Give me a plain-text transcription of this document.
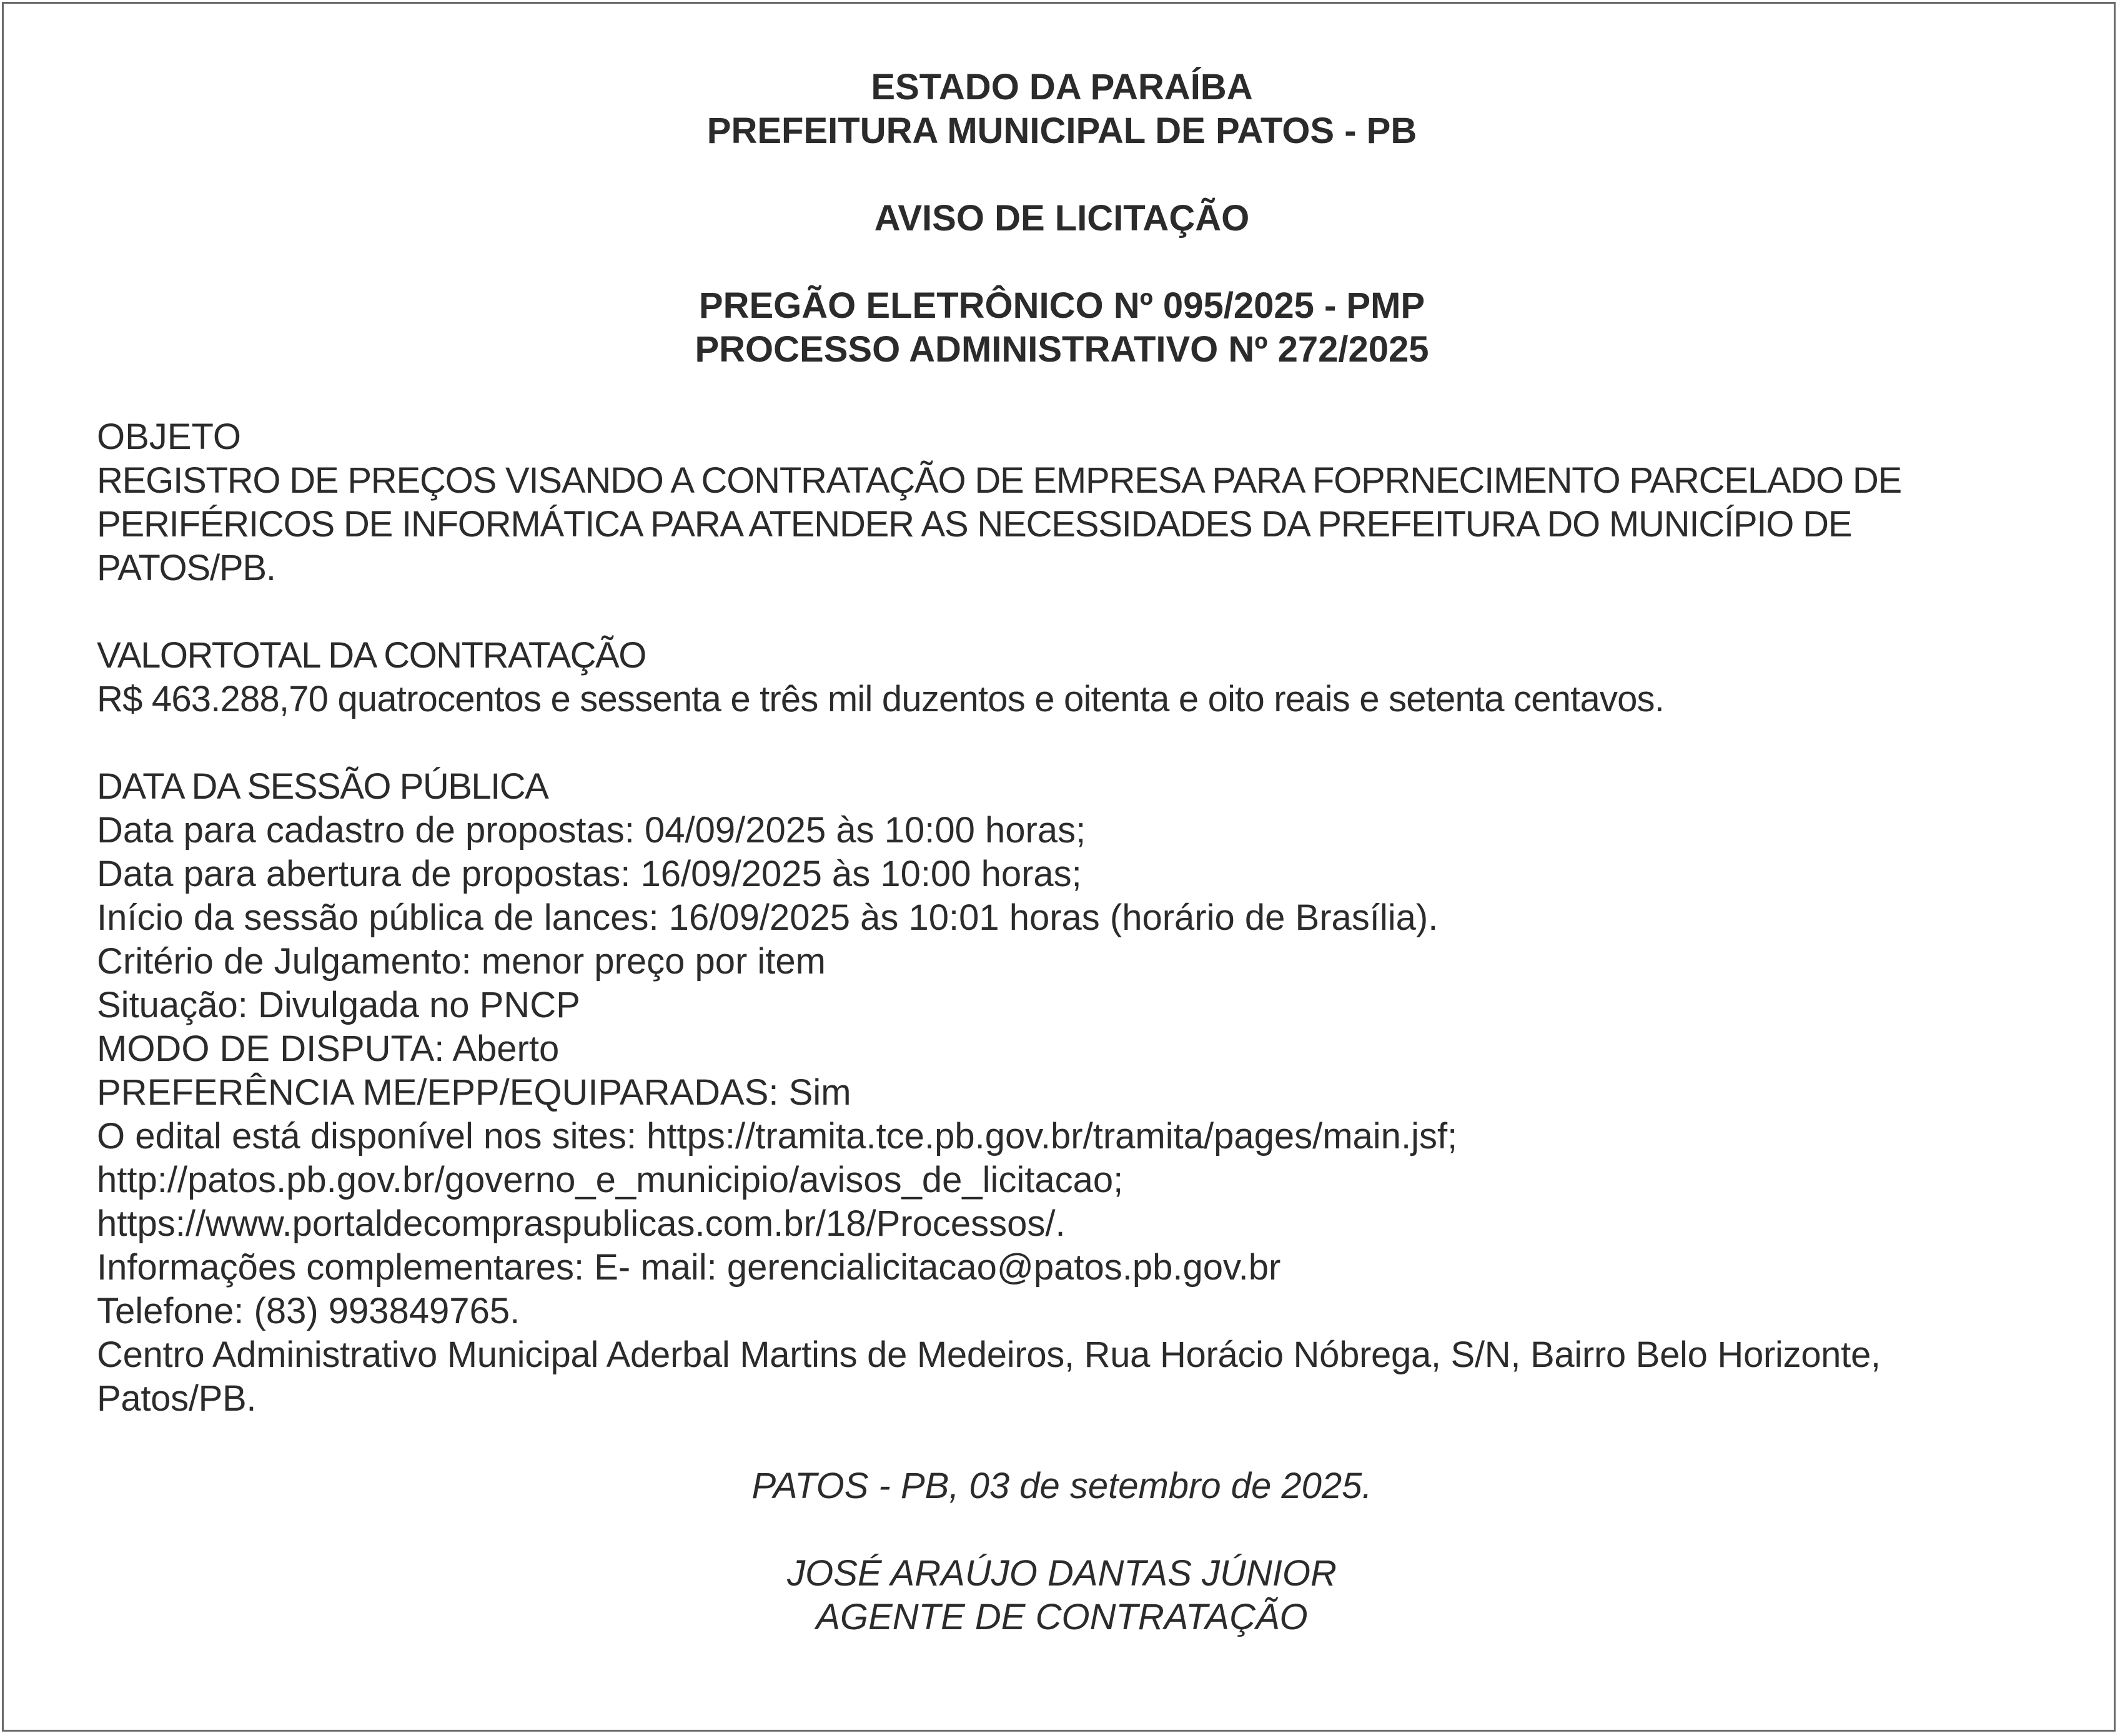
ESTADO DA PARAÍBA
PREFEITURA MUNICIPAL DE PATOS - PB
AVISO DE LICITAÇÃO
PREGÃO ELETRÔNICO Nº 095/2025 - PMP
PROCESSO ADMINISTRATIVO Nº 272/2025
OBJETO
REGISTRO DE PREÇOS VISANDO A CONTRATAÇÃO DE EMPRESA PARA FOPRNECIMENTO PARCELADO DE PERIFÉRICOS DE INFORMÁTICA PARA ATENDER AS NECESSIDADES DA PREFEITURA DO MUNICÍPIO DE PATOS/PB.
VALORTOTAL DA CONTRATAÇÃO
R$ 463.288,70 quatrocentos e sessenta e três mil duzentos e oitenta e oito reais e setenta centavos.
DATA DA SESSÃO PÚBLICA
Data para cadastro de propostas: 04/09/2025 às 10:00 horas;
Data para abertura de propostas: 16/09/2025 às 10:00 horas;
Início da sessão pública de lances: 16/09/2025 às 10:01 horas (horário de Brasília).
Critério de Julgamento: menor preço por item
Situação: Divulgada no PNCP
MODO DE DISPUTA: Aberto
PREFERÊNCIA ME/EPP/EQUIPARADAS: Sim
O edital está disponível nos sites: https://tramita.tce.pb.gov.br/tramita/pages/main.jsf;
http://patos.pb.gov.br/governo_e_municipio/avisos_de_licitacao;
https://www.portaldecompraspublicas.com.br/18/Processos/.
Informações complementares: E- mail: gerencialicitacao@patos.pb.gov.br
Telefone: (83) 993849765.
Centro Administrativo Municipal Aderbal Martins de Medeiros, Rua Horácio Nóbrega, S/N, Bairro Belo Horizonte, Patos/PB.
PATOS - PB, 03 de setembro de 2025.
JOSÉ ARAÚJO DANTAS JÚNIOR
AGENTE DE CONTRATAÇÃO
